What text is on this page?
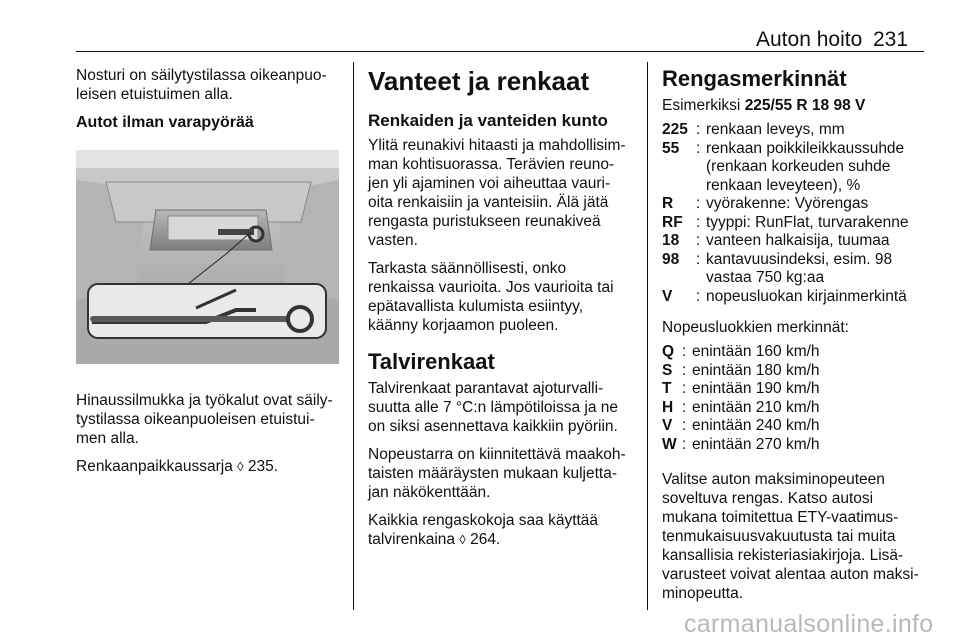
Auton hoito 231

Nosturi on säilytystilassa oikeanpuo-leisen etuistuimen alla.

Autot ilman varapyörää

Hinaussilmukka ja työkalut ovat säily-tystilassa oikeanpuoleisen etuistui-men alla.

Renkaanpaikkaussarja ◊ 235.

Vanteet ja renkaat
Renkaiden ja vanteiden kunto

Ylitä reunakivi hitaasti ja mahdollisim-man kohtisuorassa. Terävien reuno-jen yli ajaminen voi aiheuttaa vauri-oita renkaisiin ja vanteisiin. Älä jätä rengasta puristukseen reunakiveä vasten.

Tarkasta säännöllisesti, onko renkaissa vaurioita. Jos vaurioita tai epätavallista kulumista esiintyy, käänny korjaamon puoleen.

Talvirenkaat

Talvirenkaat parantavat ajoturvalli-suutta alle 7 °C:n lämpötiloissa ja ne on siksi asennettava kaikkiin pyöriin.

Nopeustarra on kiinnitettävä maakoh-taisten määräysten mukaan kuljetta-jan näkökenttään.

Kaikkia rengaskokoja saa käyttää talvirenkaina ◊ 264.

Rengasmerkinnät

Esimerkiksi 225/55 R 18 98 V

225	:	renkaan leveys, mm
55	:	renkaan poikkileikkaussuhde (renkaan korkeuden suhde renkaan leveyteen), %
R	:	vyörakenne: Vyörengas
RF	:	tyyppi: RunFlat, turvarakenne
18	:	vanteen halkaisija, tuumaa
98	:	kantavuusindeksi, esim. 98 vastaa 750 kg:aa
V	:	nopeusluokan kirjainmerkintä

Nopeusluokkien merkinnät:

Q	:	enintään 160 km/h
S	:	enintään 180 km/h
T	:	enintään 190 km/h
H	:	enintään 210 km/h
V	:	enintään 240 km/h
W	:	enintään 270 km/h

Valitse auton maksiminopeuteen soveltuva rengas. Katso autosi mukana toimitettua ETY-vaatimus-tenmukaisuusvakuutusta tai muita kansallisia rekisteriasiakirjoja. Lisä-varusteet voivat alentaa auton maksi-minopeutta.

carmanualsonline.info
